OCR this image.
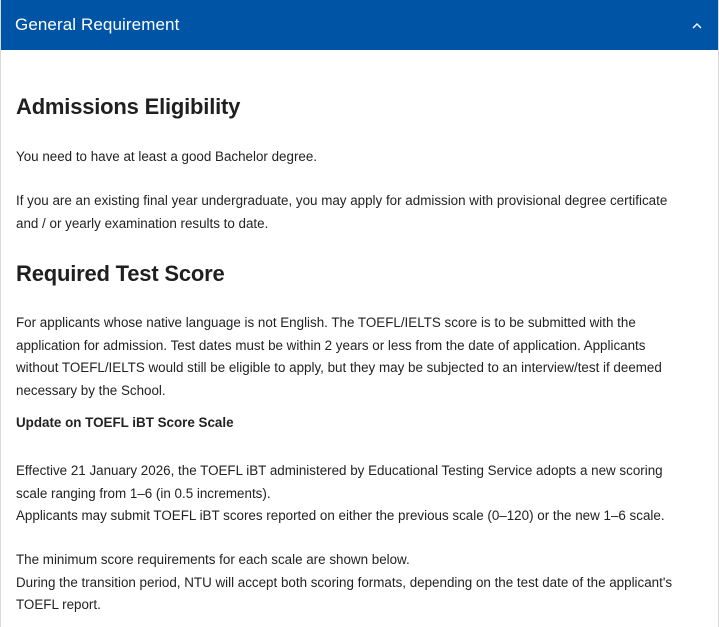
General Requirement
Admissions Eligibility

You need to have at least a good Bachelor degree.

If you are an existing final year undergraduate, you may apply for admission with provisional degree certificate
and / or yearly examination results to date.

Required Test Score

For applicants whose native language is not English. The TOEFL/IELTS score is to be submitted with the
application for admission. Test dates must be within 2 years or less from the date of application. Applicants
without TOEFL/IELTS would still be eligible to apply, but they may be subjected to an interview/test if deemed
necessary by the School.

Update on TOEFL iBT Score Scale

Effective 21 January 2026, the TOEFL iBT administered by Educational Testing Service adopts a new scoring
scale ranging from 1–6 (in 0.5 increments).
Applicants may submit TOEFL iBT scores reported on either the previous scale (0–120) or the new 1–6 scale.

The minimum score requirements for each scale are shown below.
During the transition period, NTU will accept both scoring formats, depending on the test date of the applicant's
TOEFL report.
